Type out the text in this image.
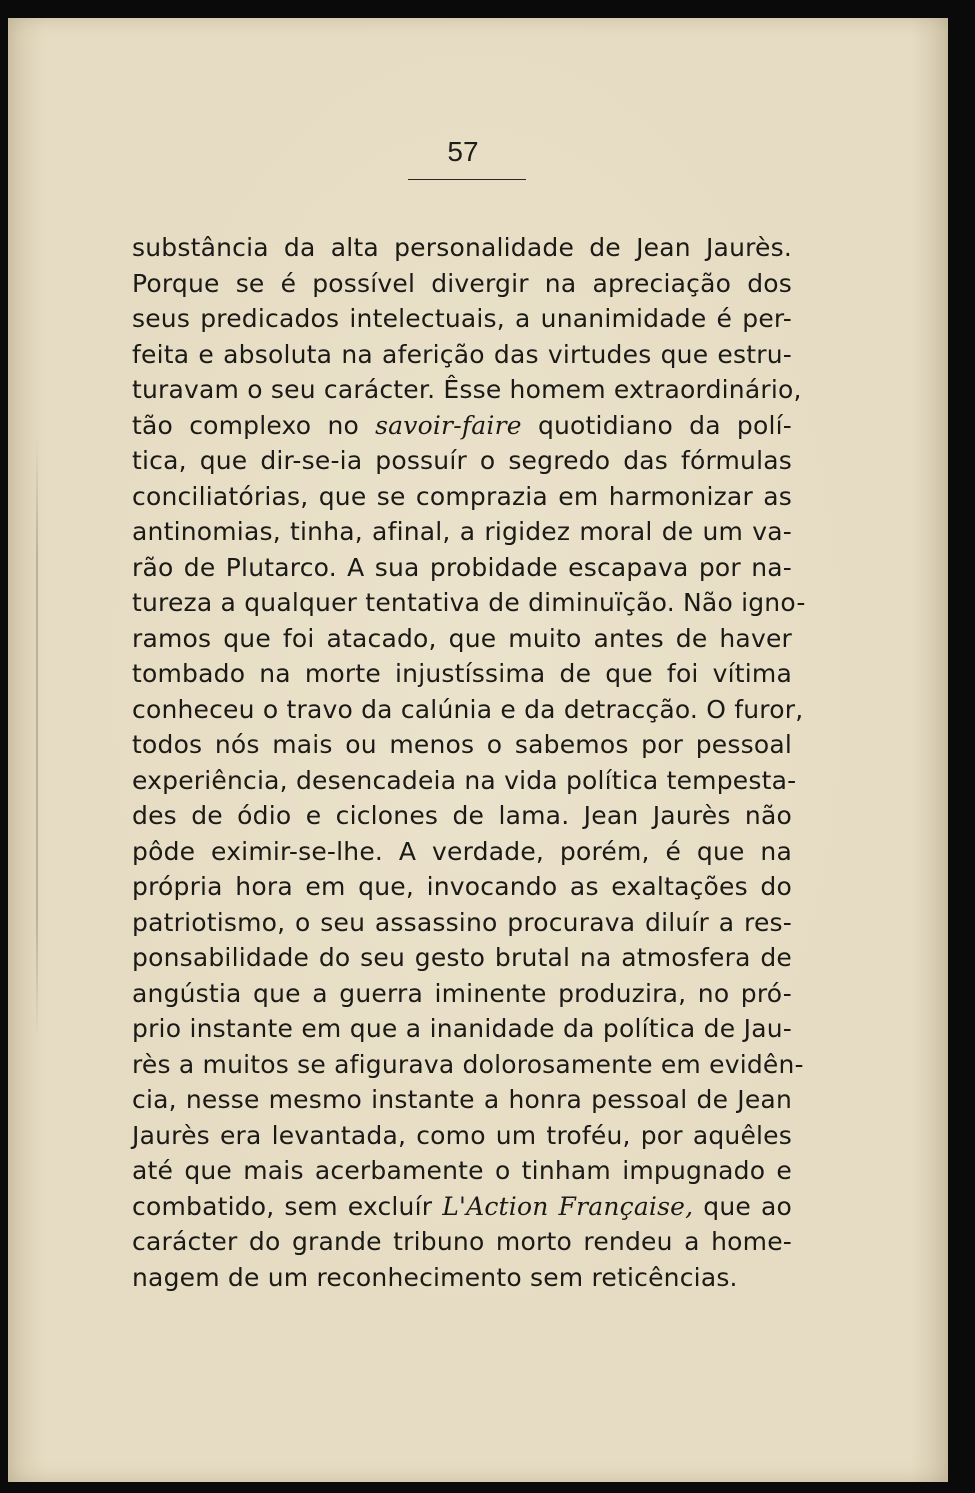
57
substância da alta personalidade de Jean Jaurès.
Porque se é possível divergir na apreciação dos
seus predicados intelectuais, a unanimidade é per-
feita e absoluta na aferição das virtudes que estru-
turavam o seu carácter. Êsse homem extraordinário,
tão complexo no savoir-faire quotidiano da polí-
tica, que dir-se-ia possuír o segredo das fórmulas
conciliatórias, que se comprazia em harmonizar as
antinomias, tinha, afinal, a rigidez moral de um va-
rão de Plutarco. A sua probidade escapava por na-
tureza a qualquer tentativa de diminuïção. Não igno-
ramos que foi atacado, que muito antes de haver
tombado na morte injustíssima de que foi vítima
conheceu o travo da calúnia e da detracção. O furor,
todos nós mais ou menos o sabemos por pessoal
experiência, desencadeia na vida política tempesta-
des de ódio e ciclones de lama. Jean Jaurès não
pôde eximir-se-lhe. A verdade, porém, é que na
própria hora em que, invocando as exaltações do
patriotismo, o seu assassino procurava diluír a res-
ponsabilidade do seu gesto brutal na atmosfera de
angústia que a guerra iminente produzira, no pró-
prio instante em que a inanidade da política de Jau-
rès a muitos se afigurava dolorosamente em evidên-
cia, nesse mesmo instante a honra pessoal de Jean
Jaurès era levantada, como um troféu, por aquêles
até que mais acerbamente o tinham impugnado e
combatido, sem excluír L'Action Française, que ao
carácter do grande tribuno morto rendeu a home-
nagem de um reconhecimento sem reticências.
